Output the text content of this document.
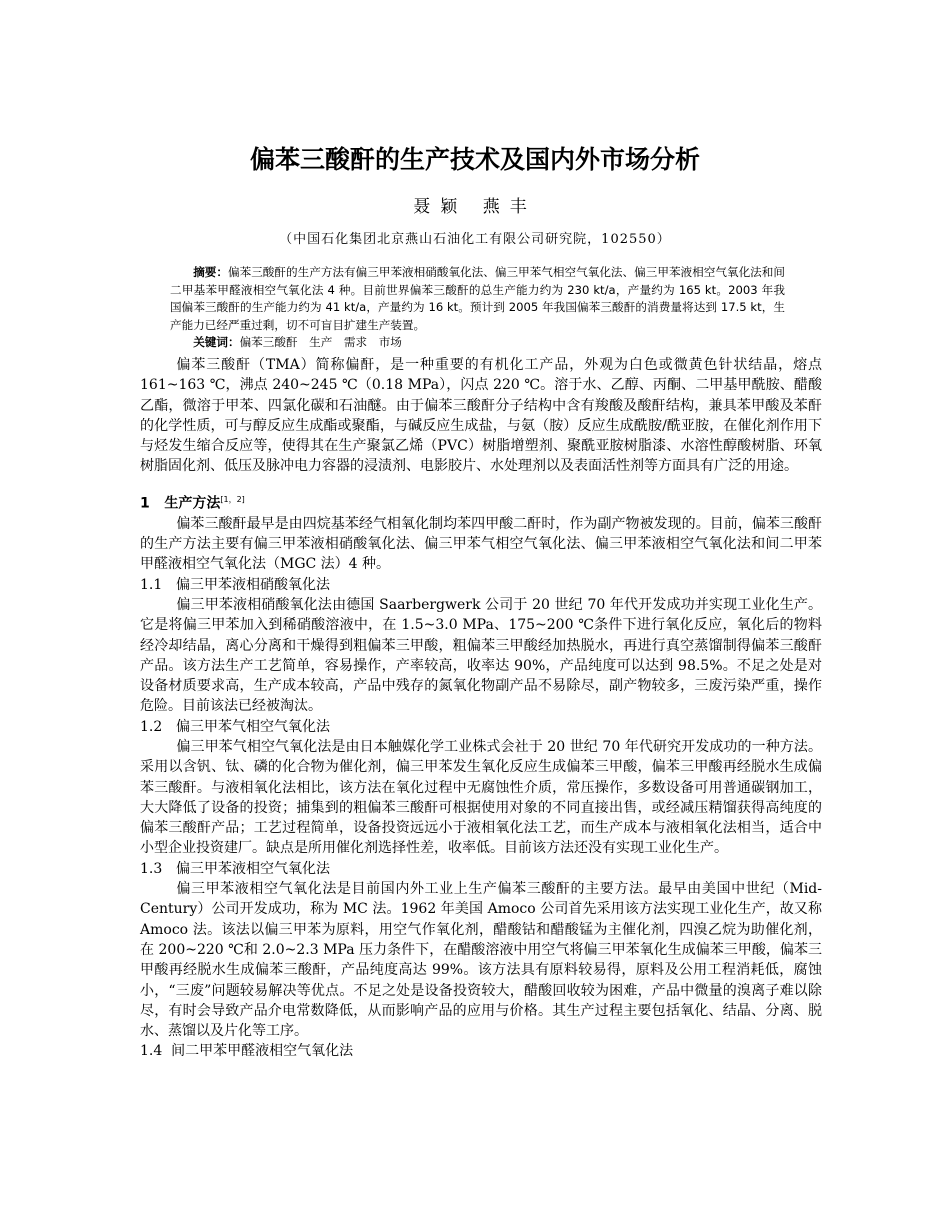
偏苯三酸酐的生产技术及国内外市场分析
聂颖 燕丰
（中国石化集团北京燕山石油化工有限公司研究院，102550）

摘要：偏苯三酸酐的生产方法有偏三甲苯液相硝酸氧化法、偏三甲苯气相空气氧化法、偏三甲苯液相空气氧化法和间二甲基苯甲醛液相空气氧化法 4 种。目前世界偏苯三酸酐的总生产能力约为 230 kt/a，产量约为 165 kt。2003 年我国偏苯三酸酐的生产能力约为 41 kt/a，产量约为 16 kt。预计到 2005 年我国偏苯三酸酐的消费量将达到 17.5 kt，生产能力已经严重过剩，切不可盲目扩建生产装置。

关键词：偏苯三酸酐　生产　需求　市场

偏苯三酸酐（TMA）简称偏酐，是一种重要的有机化工产品，外观为白色或微黄色针状结晶，熔点 161~163 ℃，沸点 240~245 ℃（0.18 MPa），闪点 220 ℃。溶于水、乙醇、丙酮、二甲基甲酰胺、醋酸乙酯，微溶于甲苯、四氯化碳和石油醚。由于偏苯三酸酐分子结构中含有羧酸及酸酐结构，兼具苯甲酸及苯酐的化学性质，可与醇反应生成酯或聚酯，与碱反应生成盐，与氨（胺）反应生成酰胺/酰亚胺，在催化剂作用下与烃发生缩合反应等，使得其在生产聚氯乙烯（PVC）树脂增塑剂、聚酰亚胺树脂漆、水溶性醇酸树脂、环氧树脂固化剂、低压及脉冲电力容器的浸渍剂、电影胶片、水处理剂以及表面活性剂等方面具有广泛的用途。

1 生产方法[1，2]

偏苯三酸酐最早是由四烷基苯经气相氧化制均苯四甲酸二酐时，作为副产物被发现的。目前，偏苯三酸酐的生产方法主要有偏三甲苯液相硝酸氧化法、偏三甲苯气相空气氧化法、偏三甲苯液相空气氧化法和间二甲苯甲醛液相空气氧化法（MGC 法）4 种。

1.1 偏三甲苯液相硝酸氧化法

偏三甲苯液相硝酸氧化法由德国 Saarbergwerk 公司于 20 世纪 70 年代开发成功并实现工业化生产。它是将偏三甲苯加入到稀硝酸溶液中，在 1.5~3.0 MPa、175~200 ℃条件下进行氧化反应，氧化后的物料经冷却结晶，离心分离和干燥得到粗偏苯三甲酸，粗偏苯三甲酸经加热脱水，再进行真空蒸馏制得偏苯三酸酐产品。该方法生产工艺简单，容易操作，产率较高，收率达 90%，产品纯度可以达到 98.5%。不足之处是对设备材质要求高，生产成本较高，产品中残存的氮氧化物副产品不易除尽，副产物较多，三废污染严重，操作危险。目前该法已经被淘汰。

1.2 偏三甲苯气相空气氧化法

偏三甲苯气相空气氧化法是由日本触媒化学工业株式会社于 20 世纪 70 年代研究开发成功的一种方法。采用以含钒、钛、磷的化合物为催化剂，偏三甲苯发生氧化反应生成偏苯三甲酸，偏苯三甲酸再经脱水生成偏苯三酸酐。与液相氧化法相比，该方法在氧化过程中无腐蚀性介质，常压操作，多数设备可用普通碳钢加工，大大降低了设备的投资；捕集到的粗偏苯三酸酐可根据使用对象的不同直接出售，或经减压精馏获得高纯度的偏苯三酸酐产品；工艺过程简单，设备投资远远小于液相氧化法工艺，而生产成本与液相氧化法相当，适合中小型企业投资建厂。缺点是所用催化剂选择性差，收率低。目前该方法还没有实现工业化生产。

1.3 偏三甲苯液相空气氧化法

偏三甲苯液相空气氧化法是目前国内外工业上生产偏苯三酸酐的主要方法。最早由美国中世纪（Mid-Century）公司开发成功，称为 MC 法。1962 年美国 Amoco 公司首先采用该方法实现工业化生产，故又称 Amoco 法。该法以偏三甲苯为原料，用空气作氧化剂，醋酸钴和醋酸锰为主催化剂，四溴乙烷为助催化剂，在 200~220 ℃和 2.0~2.3 MPa 压力条件下，在醋酸溶液中用空气将偏三甲苯氧化生成偏苯三甲酸，偏苯三甲酸再经脱水生成偏苯三酸酐，产品纯度高达 99%。该方法具有原料较易得，原料及公用工程消耗低，腐蚀小，“三废”问题较易解决等优点。不足之处是设备投资较大，醋酸回收较为困难，产品中微量的溴离子难以除尽，有时会导致产品介电常数降低，从而影响产品的应用与价格。其生产过程主要包括氧化、结晶、分离、脱水、蒸馏以及片化等工序。

1.4 间二甲苯甲醛液相空气氧化法
